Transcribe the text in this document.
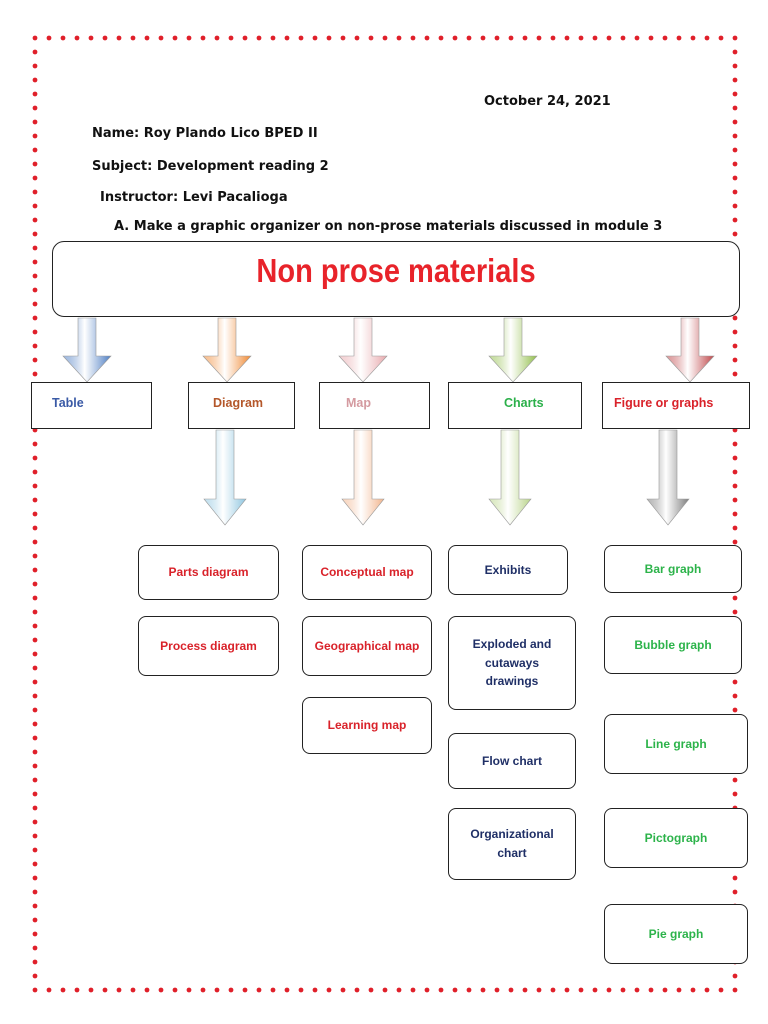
October 24, 2021
Name: Roy Plando Lico BPED II
Subject: Development reading 2
Instructor: Levi Pacalioga
A. Make a graphic organizer on non-prose materials discussed in module 3
Non prose materials
Table	Diagram	Map	Charts	Figure or graphs
Parts diagram
Process diagram
Conceptual map
Geographical map
Learning map
Exhibits
Exploded and cutaways drawings
Flow chart
Organizational chart
Bar graph
Bubble graph
Line graph
Pictograph
Pie graph
